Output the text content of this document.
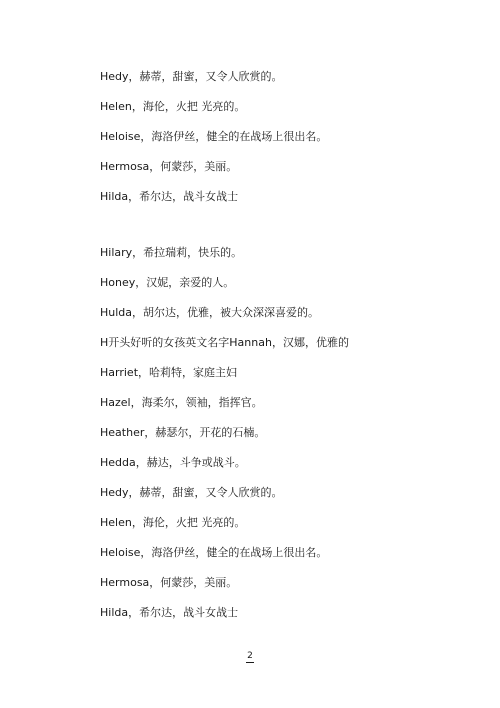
Hedy，赫蒂，甜蜜，又令人欣赏的。
Helen，海伦，火把 光亮的。
Heloise，海洛伊丝，健全的在战场上很出名。
Hermosa，何蒙莎，美丽。
Hilda，希尔达，战斗女战士
Hilary，希拉瑞莉，快乐的。
Honey，汉妮，亲爱的人。
Hulda，胡尔达，优雅，被大众深深喜爱的。
H开头好听的女孩英文名字Hannah，汉娜，优雅的
Harriet，哈莉特，家庭主妇
Hazel，海柔尔，领袖，指挥官。
Heather，赫瑟尔，开花的石楠。
Hedda，赫达，斗争或战斗。
Hedy，赫蒂，甜蜜，又令人欣赏的。
Helen，海伦，火把 光亮的。
Heloise，海洛伊丝，健全的在战场上很出名。
Hermosa，何蒙莎，美丽。
Hilda，希尔达，战斗女战士
2
